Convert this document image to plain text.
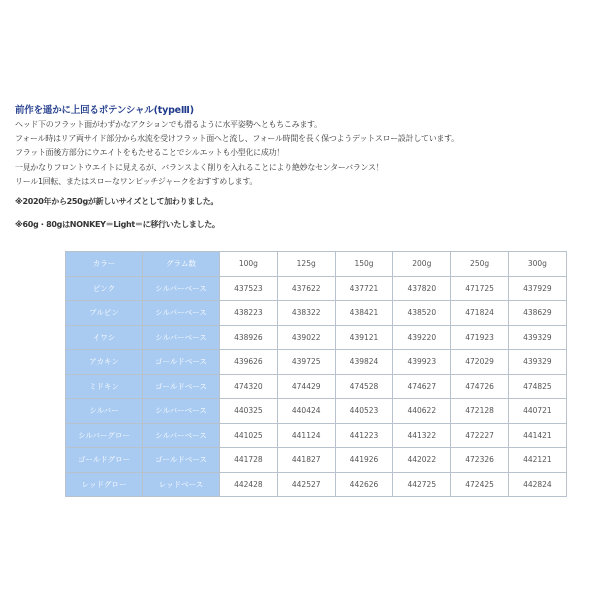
前作を遥かに上回るポテンシャル(typeⅢ)
ヘッド下のフラット面がわずかなアクションでも滑るように水平姿勢へともちこみます。
フォール時はリア両サイド部分から水流を受けフラット面へと流し、フォール時間を長く保つようデットスロー設計しています。
フラット面後方部分にウエイトをもたせることでシルエットも小型化に成功！
一見かなりフロントウエイトに見えるが、バランスよく削りを入れることにより絶妙なセンターバランス！
リール1回転、またはスローなワンピッチジャークをおすすめします。
※2020年から250gが新しいサイズとして加わりました。
※60g・80gはNONKEY＝Light＝に移行いたしました。
カラー	グラム数	100g	125g	150g	200g	250g	300g
ピンク	シルバーベース	437523	437622	437721	437820	471725	437929
ブルピン	シルバーベース	438223	438322	438421	438520	471824	438629
イワシ	シルバーベース	438926	439022	439121	439220	471923	439329
アカキン	ゴールドベース	439626	439725	439824	439923	472029	439329
ミドキン	ゴールドベース	474320	474429	474528	474627	474726	474825
シルバー	シルバーベース	440325	440424	440523	440622	472128	440721
シルバーグロー	シルバーベース	441025	441124	441223	441322	472227	441421
ゴールドグロー	ゴールドベース	441728	441827	441926	442022	472326	442121
レッドグロー	レッドベース	442428	442527	442626	442725	472425	442824
